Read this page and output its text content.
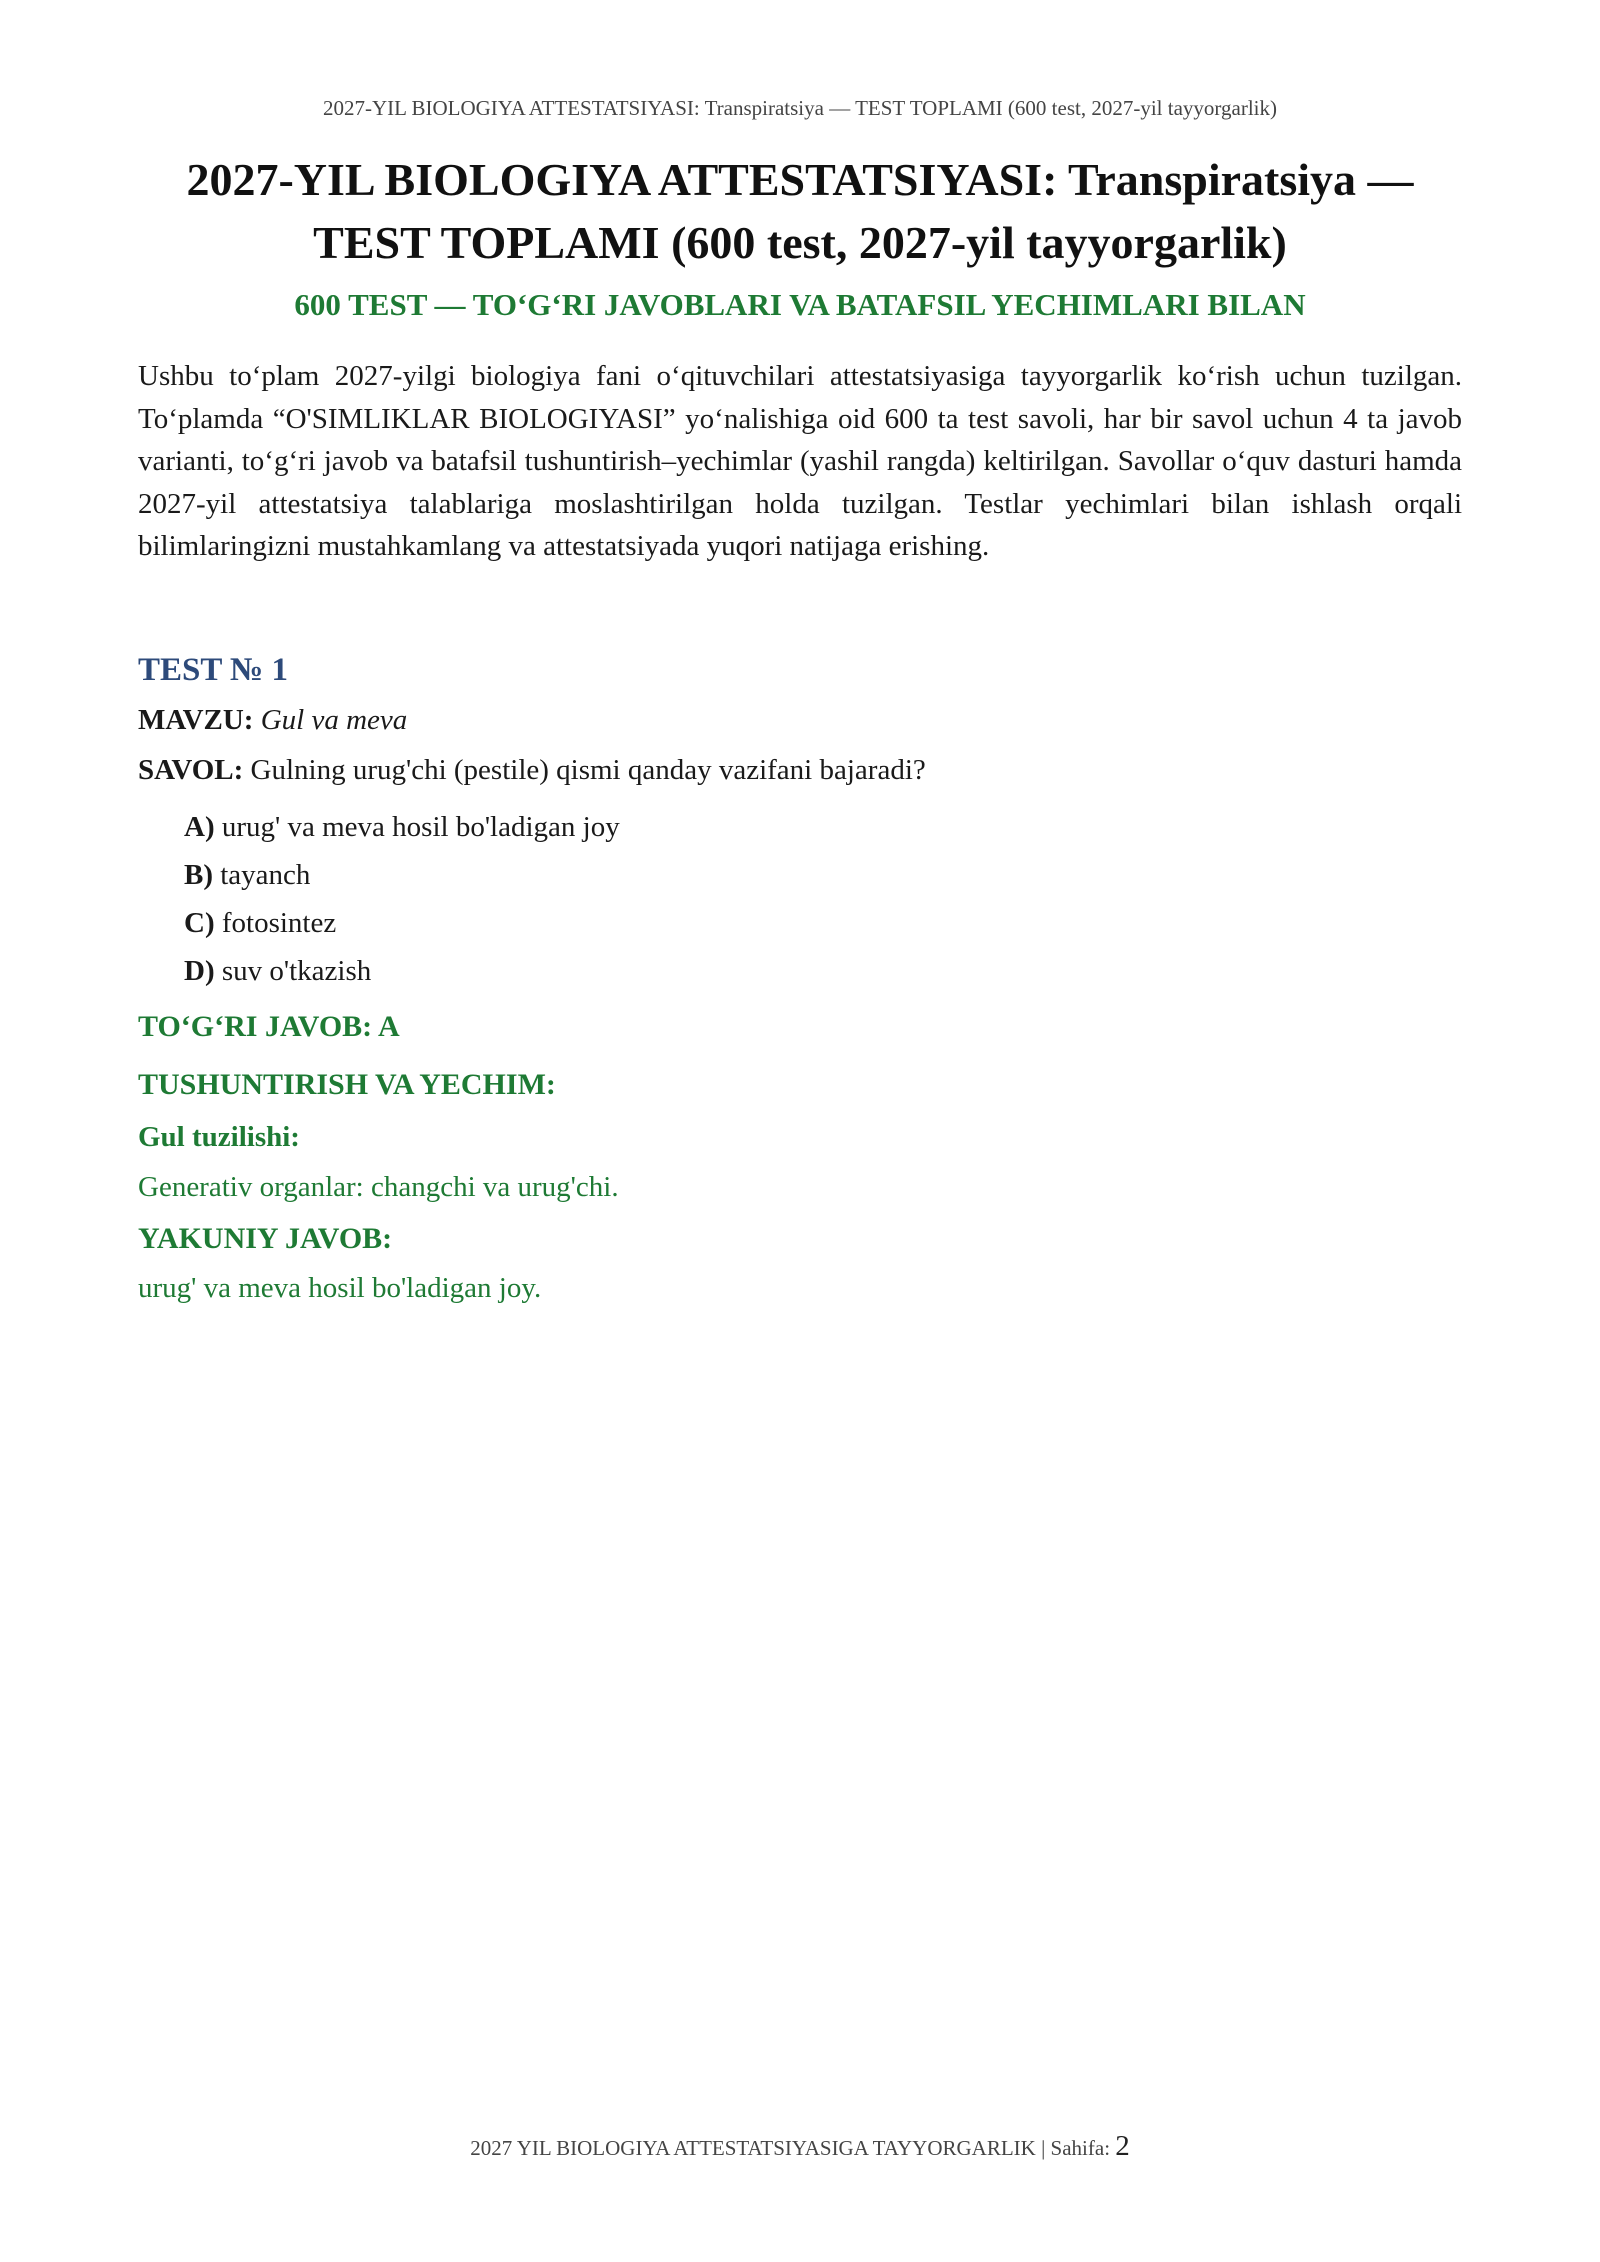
2027-YIL BIOLOGIYA ATTESTATSIYASI: Transpiratsiya — TEST TOPLAMI (600 test, 2027-yil tayyorgarlik)
2027-YIL BIOLOGIYA ATTESTATSIYASI: Transpiratsiya —
TEST TOPLAMI (600 test, 2027-yil tayyorgarlik)
600 TEST — TO‘G‘RI JAVOBLARI VA BATAFSIL YECHIMLARI BILAN
Ushbu to‘plam 2027-yilgi biologiya fani o‘qituvchilari attestatsiyasiga tayyorgarlik ko‘rish uchun tuzilgan. To‘plamda “O'SIMLIKLAR BIOLOGIYASI” yo‘nalishiga oid 600 ta test savoli, har bir savol uchun 4 ta javob varianti, to‘g‘ri javob va batafsil tushuntirish–yechimlar (yashil rangda) keltirilgan. Savollar o‘quv dasturi hamda 2027-yil attestatsiya talablariga moslashtirilgan holda tuzilgan. Testlar yechimlari bilan ishlash orqali bilimlaringizni mustahkamlang va attestatsiyada yuqori natijaga erishing.
TEST № 1
MAVZU: Gul va meva
SAVOL: Gulning urug'chi (pestile) qismi qanday vazifani bajaradi?
A) urug' va meva hosil bo'ladigan joy
B) tayanch
C) fotosintez
D) suv o'tkazish
TO‘G‘RI JAVOB: A
TUSHUNTIRISH VA YECHIM:
Gul tuzilishi:
Generativ organlar: changchi va urug'chi.
YAKUNIY JAVOB:
urug' va meva hosil bo'ladigan joy.
2027 YIL BIOLOGIYA ATTESTATSIYASIGA TAYYORGARLIK | Sahifa: 2
